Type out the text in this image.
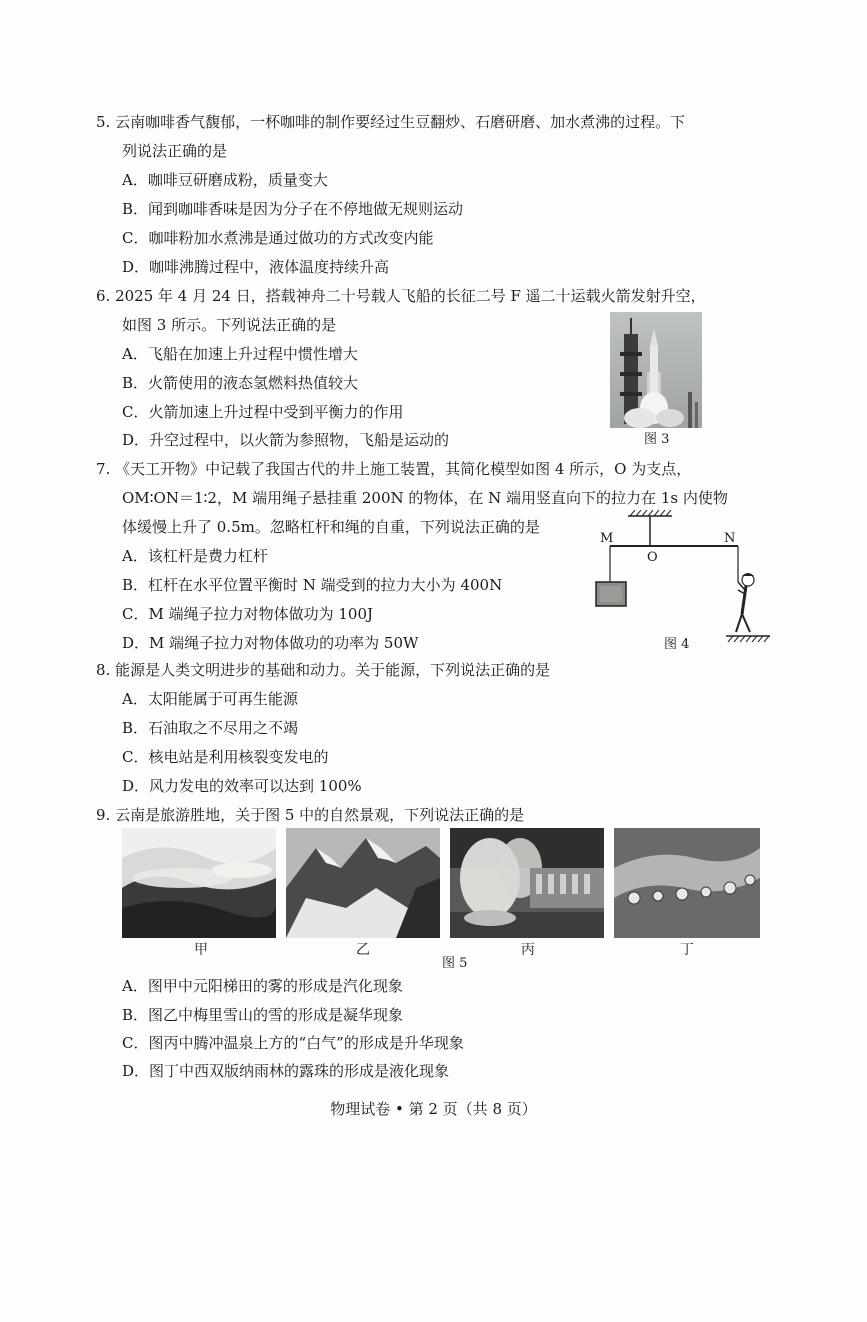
5. 云南咖啡香气馥郁，一杯咖啡的制作要经过生豆翻炒、石磨研磨、加水煮沸的过程。下
列说法正确的是
A．咖啡豆研磨成粉，质量变大
B．闻到咖啡香味是因为分子在不停地做无规则运动
C．咖啡粉加水煮沸是通过做功的方式改变内能
D．咖啡沸腾过程中，液体温度持续升高
6. 2025 年 4 月 24 日，搭载神舟二十号载人飞船的长征二号 F 遥二十运载火箭发射升空，
如图 3 所示。下列说法正确的是
A．飞船在加速上升过程中惯性增大
B．火箭使用的液态氢燃料热值较大
C．火箭加速上升过程中受到平衡力的作用
D．升空过程中，以火箭为参照物，飞船是运动的	图 3
7. 《天工开物》中记载了我国古代的井上施工装置，其简化模型如图 4 所示，O 为支点，
OM∶ON＝1∶2，M 端用绳子悬挂重 200N 的物体，在 N 端用竖直向下的拉力在 1s 内使物
体缓慢上升了 0.5m。忽略杠杆和绳的自重，下列说法正确的是
A．该杠杆是费力杠杆
B．杠杆在水平位置平衡时 N 端受到的拉力大小为 400N
C．M 端绳子拉力对物体做功为 100J
D．M 端绳子拉力对物体做功的功率为 50W
M
O
N
图 4
8. 能源是人类文明进步的基础和动力。关于能源，下列说法正确的是
A．太阳能属于可再生能源
B．石油取之不尽用之不竭
C．核电站是利用核裂变发电的
D．风力发电的效率可以达到 100%
9. 云南是旅游胜地，关于图 5 中的自然景观，下列说法正确的是
甲	乙	丙	丁
图 5
A．图甲中元阳梯田的雾的形成是汽化现象
B．图乙中梅里雪山的雪的形成是凝华现象
C．图丙中腾冲温泉上方的“白气”的形成是升华现象
D．图丁中西双版纳雨林的露珠的形成是液化现象
物理试卷 • 第 2 页（共 8 页）
